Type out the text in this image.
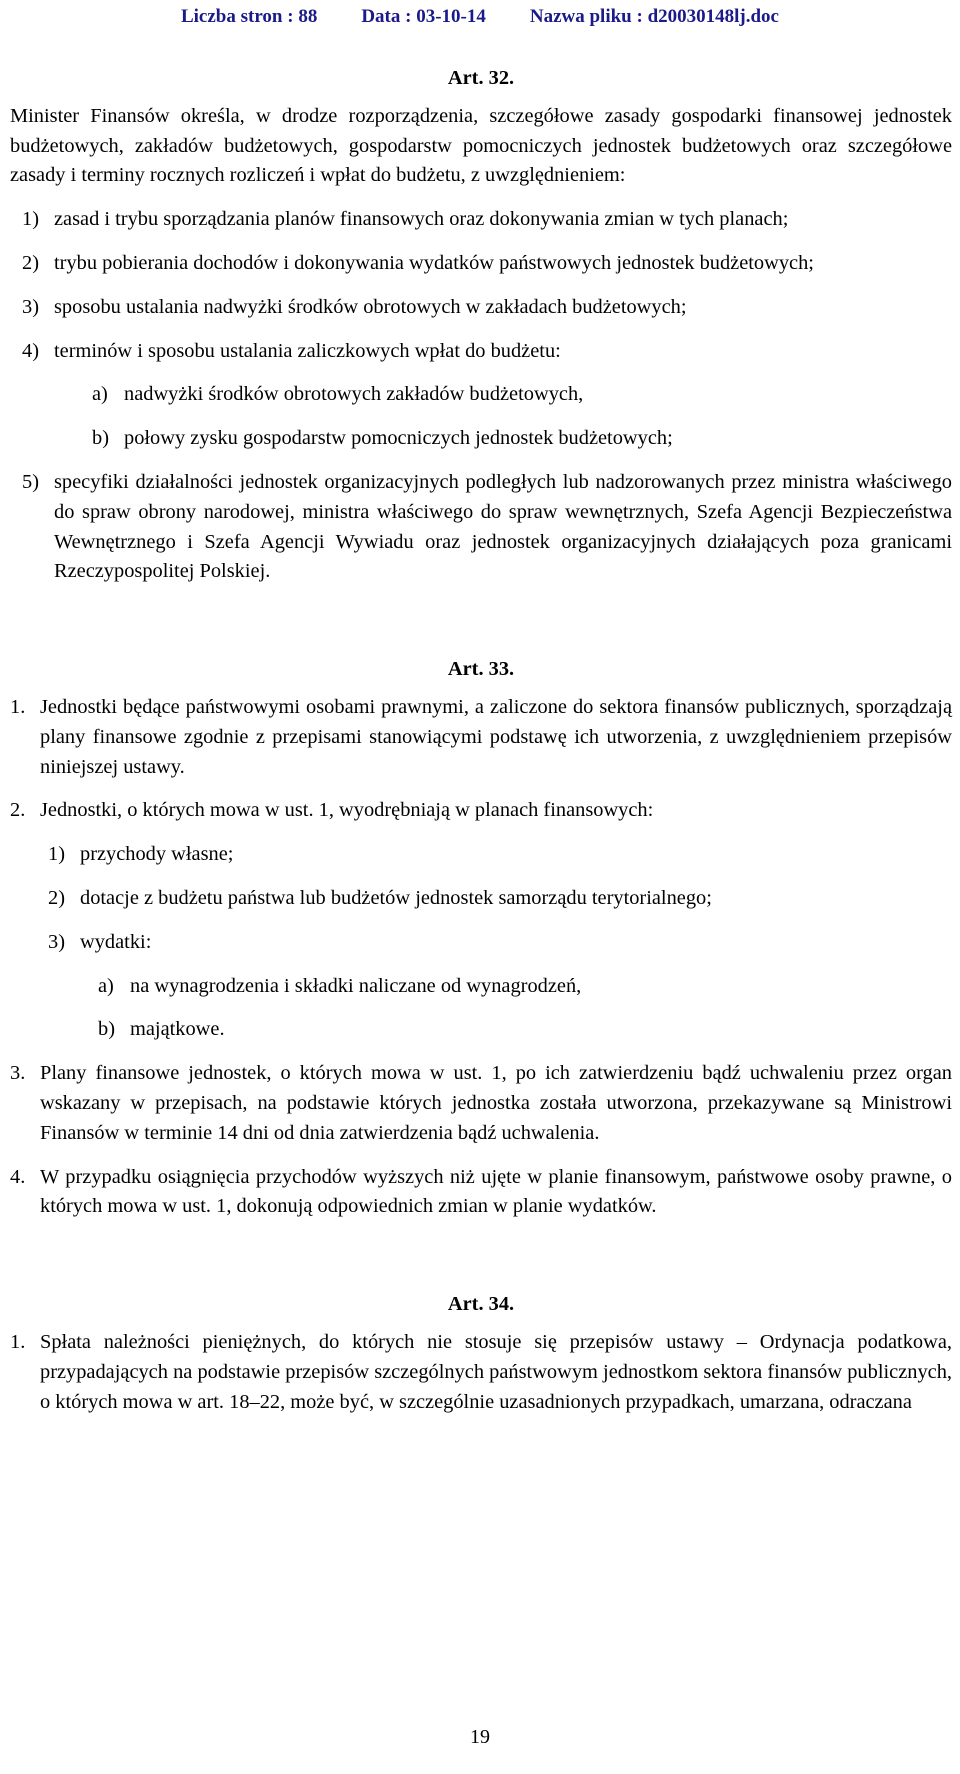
Liczba stron : 88 Data : 03-10-14 Nazwa pliku : d20030148lj.doc
Art. 32.

Minister Finansów określa, w drodze rozporządzenia, szczegółowe zasady gospodarki finansowej jednostek budżetowych, zakładów budżetowych, gospodarstw pomocniczych jednostek budżetowych oraz szczegółowe zasady i terminy rocznych rozliczeń i wpłat do budżetu, z uwzględnieniem:

1) zasad i trybu sporządzania planów finansowych oraz dokonywania zmian w tych planach;
2) trybu pobierania dochodów i dokonywania wydatków państwowych jednostek budżetowych;
3) sposobu ustalania nadwyżki środków obrotowych w zakładach budżetowych;
4) terminów i sposobu ustalania zaliczkowych wpłat do budżetu:
a) nadwyżki środków obrotowych zakładów budżetowych,
b) połowy zysku gospodarstw pomocniczych jednostek budżetowych;
5) specyfiki działalności jednostek organizacyjnych podległych lub nadzorowanych przez ministra właściwego do spraw obrony narodowej, ministra właściwego do spraw wewnętrznych, Szefa Agencji Bezpieczeństwa Wewnętrznego i Szefa Agencji Wywiadu oraz jednostek organizacyjnych działających poza granicami Rzeczypospolitej Polskiej.
Art. 33.
1. Jednostki będące państwowymi osobami prawnymi, a zaliczone do sektora finansów publicznych, sporządzają plany finansowe zgodnie z przepisami stanowiącymi podstawę ich utworzenia, z uwzględnieniem przepisów niniejszej ustawy.
2. Jednostki, o których mowa w ust. 1, wyodrębniają w planach finansowych:
1) przychody własne;
2) dotacje z budżetu państwa lub budżetów jednostek samorządu terytorialnego;
3) wydatki:
a) na wynagrodzenia i składki naliczane od wynagrodzeń,
b) majątkowe.
3. Plany finansowe jednostek, o których mowa w ust. 1, po ich zatwierdzeniu bądź uchwaleniu przez organ wskazany w przepisach, na podstawie których jednostka została utworzona, przekazywane są Ministrowi Finansów w terminie 14 dni od dnia zatwierdzenia bądź uchwalenia.
4. W przypadku osiągnięcia przychodów wyższych niż ujęte w planie finansowym, państwowe osoby prawne, o których mowa w ust. 1, dokonują odpowiednich zmian w planie wydatków.
Art. 34.
1. Spłata należności pieniężnych, do których nie stosuje się przepisów ustawy – Ordynacja podatkowa, przypadających na podstawie przepisów szczególnych państwowym jednostkom sektora finansów publicznych, o których mowa w art. 18–22, może być, w szczególnie uzasadnionych przypadkach, umarzana, odraczana
19
